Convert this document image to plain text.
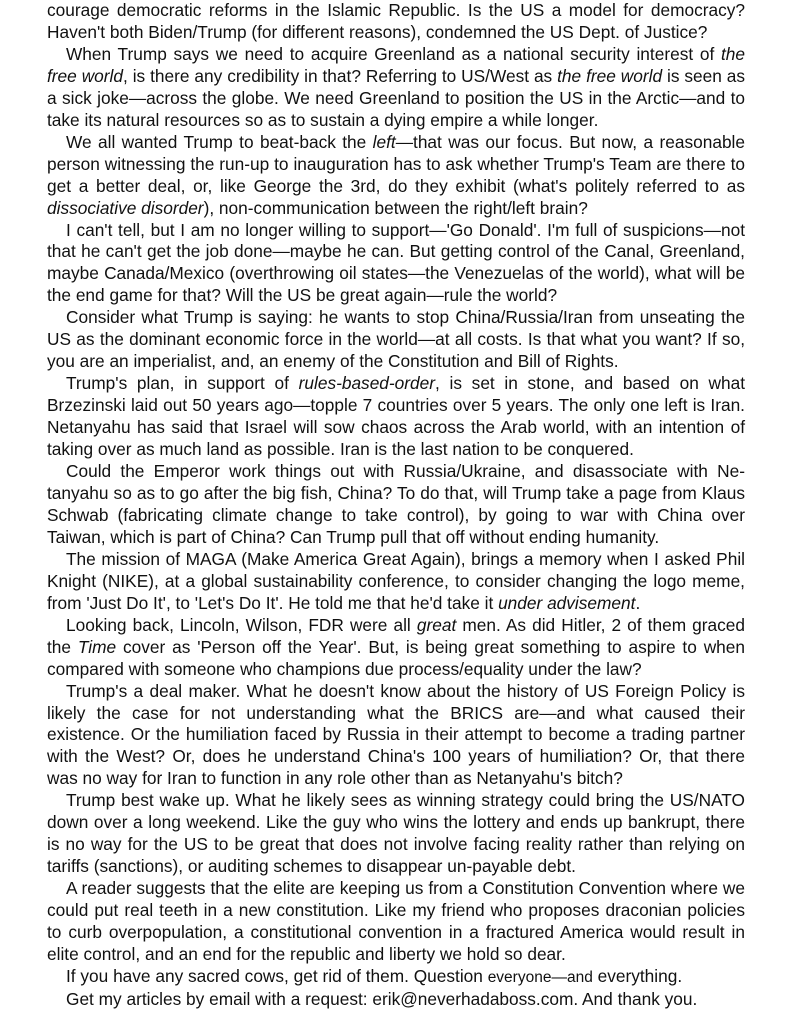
courage democratic reforms in the Islamic Republic. Is the US a model for democracy? Haven't both Biden/Trump (for different reasons), condemned the US Dept. of Justice?

When Trump says we need to acquire Greenland as a national security interest of the free world, is there any credibility in that? Referring to US/West as the free world is seen as a sick joke—across the globe. We need Greenland to position the US in the Arctic—and to take its natural resources so as to sustain a dying empire a while longer.

We all wanted Trump to beat-back the left—that was our focus. But now, a reasonable person witnessing the run-up to inauguration has to ask whether Trump's Team are there to get a better deal, or, like George the 3rd, do they exhibit (what's politely referred to as dissociative disorder), non-communication between the right/left brain?

I can't tell, but I am no longer willing to support—'Go Donald'. I'm full of suspicions—not that he can't get the job done—maybe he can. But getting control of the Canal, Greenland, maybe Canada/Mexico (overthrowing oil states—the Venezuelas of the world), what will be the end game for that? Will the US be great again—rule the world?

Consider what Trump is saying: he wants to stop China/Russia/Iran from unseating the US as the dominant economic force in the world—at all costs. Is that what you want? If so, you are an imperialist, and, an enemy of the Constitution and Bill of Rights.

Trump's plan, in support of rules-based-order, is set in stone, and based on what Brzezinski laid out 50 years ago—topple 7 countries over 5 years. The only one left is Iran. Netanyahu has said that Israel will sow chaos across the Arab world, with an intention of taking over as much land as possible. Iran is the last nation to be conquered.

Could the Emperor work things out with Russia/Ukraine, and disassociate with Netanyahu so as to go after the big fish, China? To do that, will Trump take a page from Klaus Schwab (fabricating climate change to take control), by going to war with China over Taiwan, which is part of China? Can Trump pull that off without ending humanity.

The mission of MAGA (Make America Great Again), brings a memory when I asked Phil Knight (NIKE), at a global sustainability conference, to consider changing the logo meme, from 'Just Do It', to 'Let's Do It'. He told me that he'd take it under advisement.

Looking back, Lincoln, Wilson, FDR were all great men. As did Hitler, 2 of them graced the Time cover as 'Person off the Year'. But, is being great something to aspire to when compared with someone who champions due process/equality under the law?

Trump's a deal maker. What he doesn't know about the history of US Foreign Policy is likely the case for not understanding what the BRICS are—and what caused their existence. Or the humiliation faced by Russia in their attempt to become a trading partner with the West? Or, does he understand China's 100 years of humiliation? Or, that there was no way for Iran to function in any role other than as Netanyahu's bitch?

Trump best wake up. What he likely sees as winning strategy could bring the US/​NATO down over a long weekend. Like the guy who wins the lottery and ends up bankrupt, there is no way for the US to be great that does not involve facing reality rather than relying on tariffs (sanctions), or auditing schemes to disappear un-payable debt.

A reader suggests that the elite are keeping us from a Constitution Convention where we could put real teeth in a new constitution. Like my friend who proposes draconian policies to curb overpopulation, a constitutional convention in a fractured America would result in elite control, and an end for the republic and liberty we hold so dear.

If you have any sacred cows, get rid of them. Question everyone—and everything.

Get my articles by email with a request: erik@neverhadaboss.com. And thank you.
